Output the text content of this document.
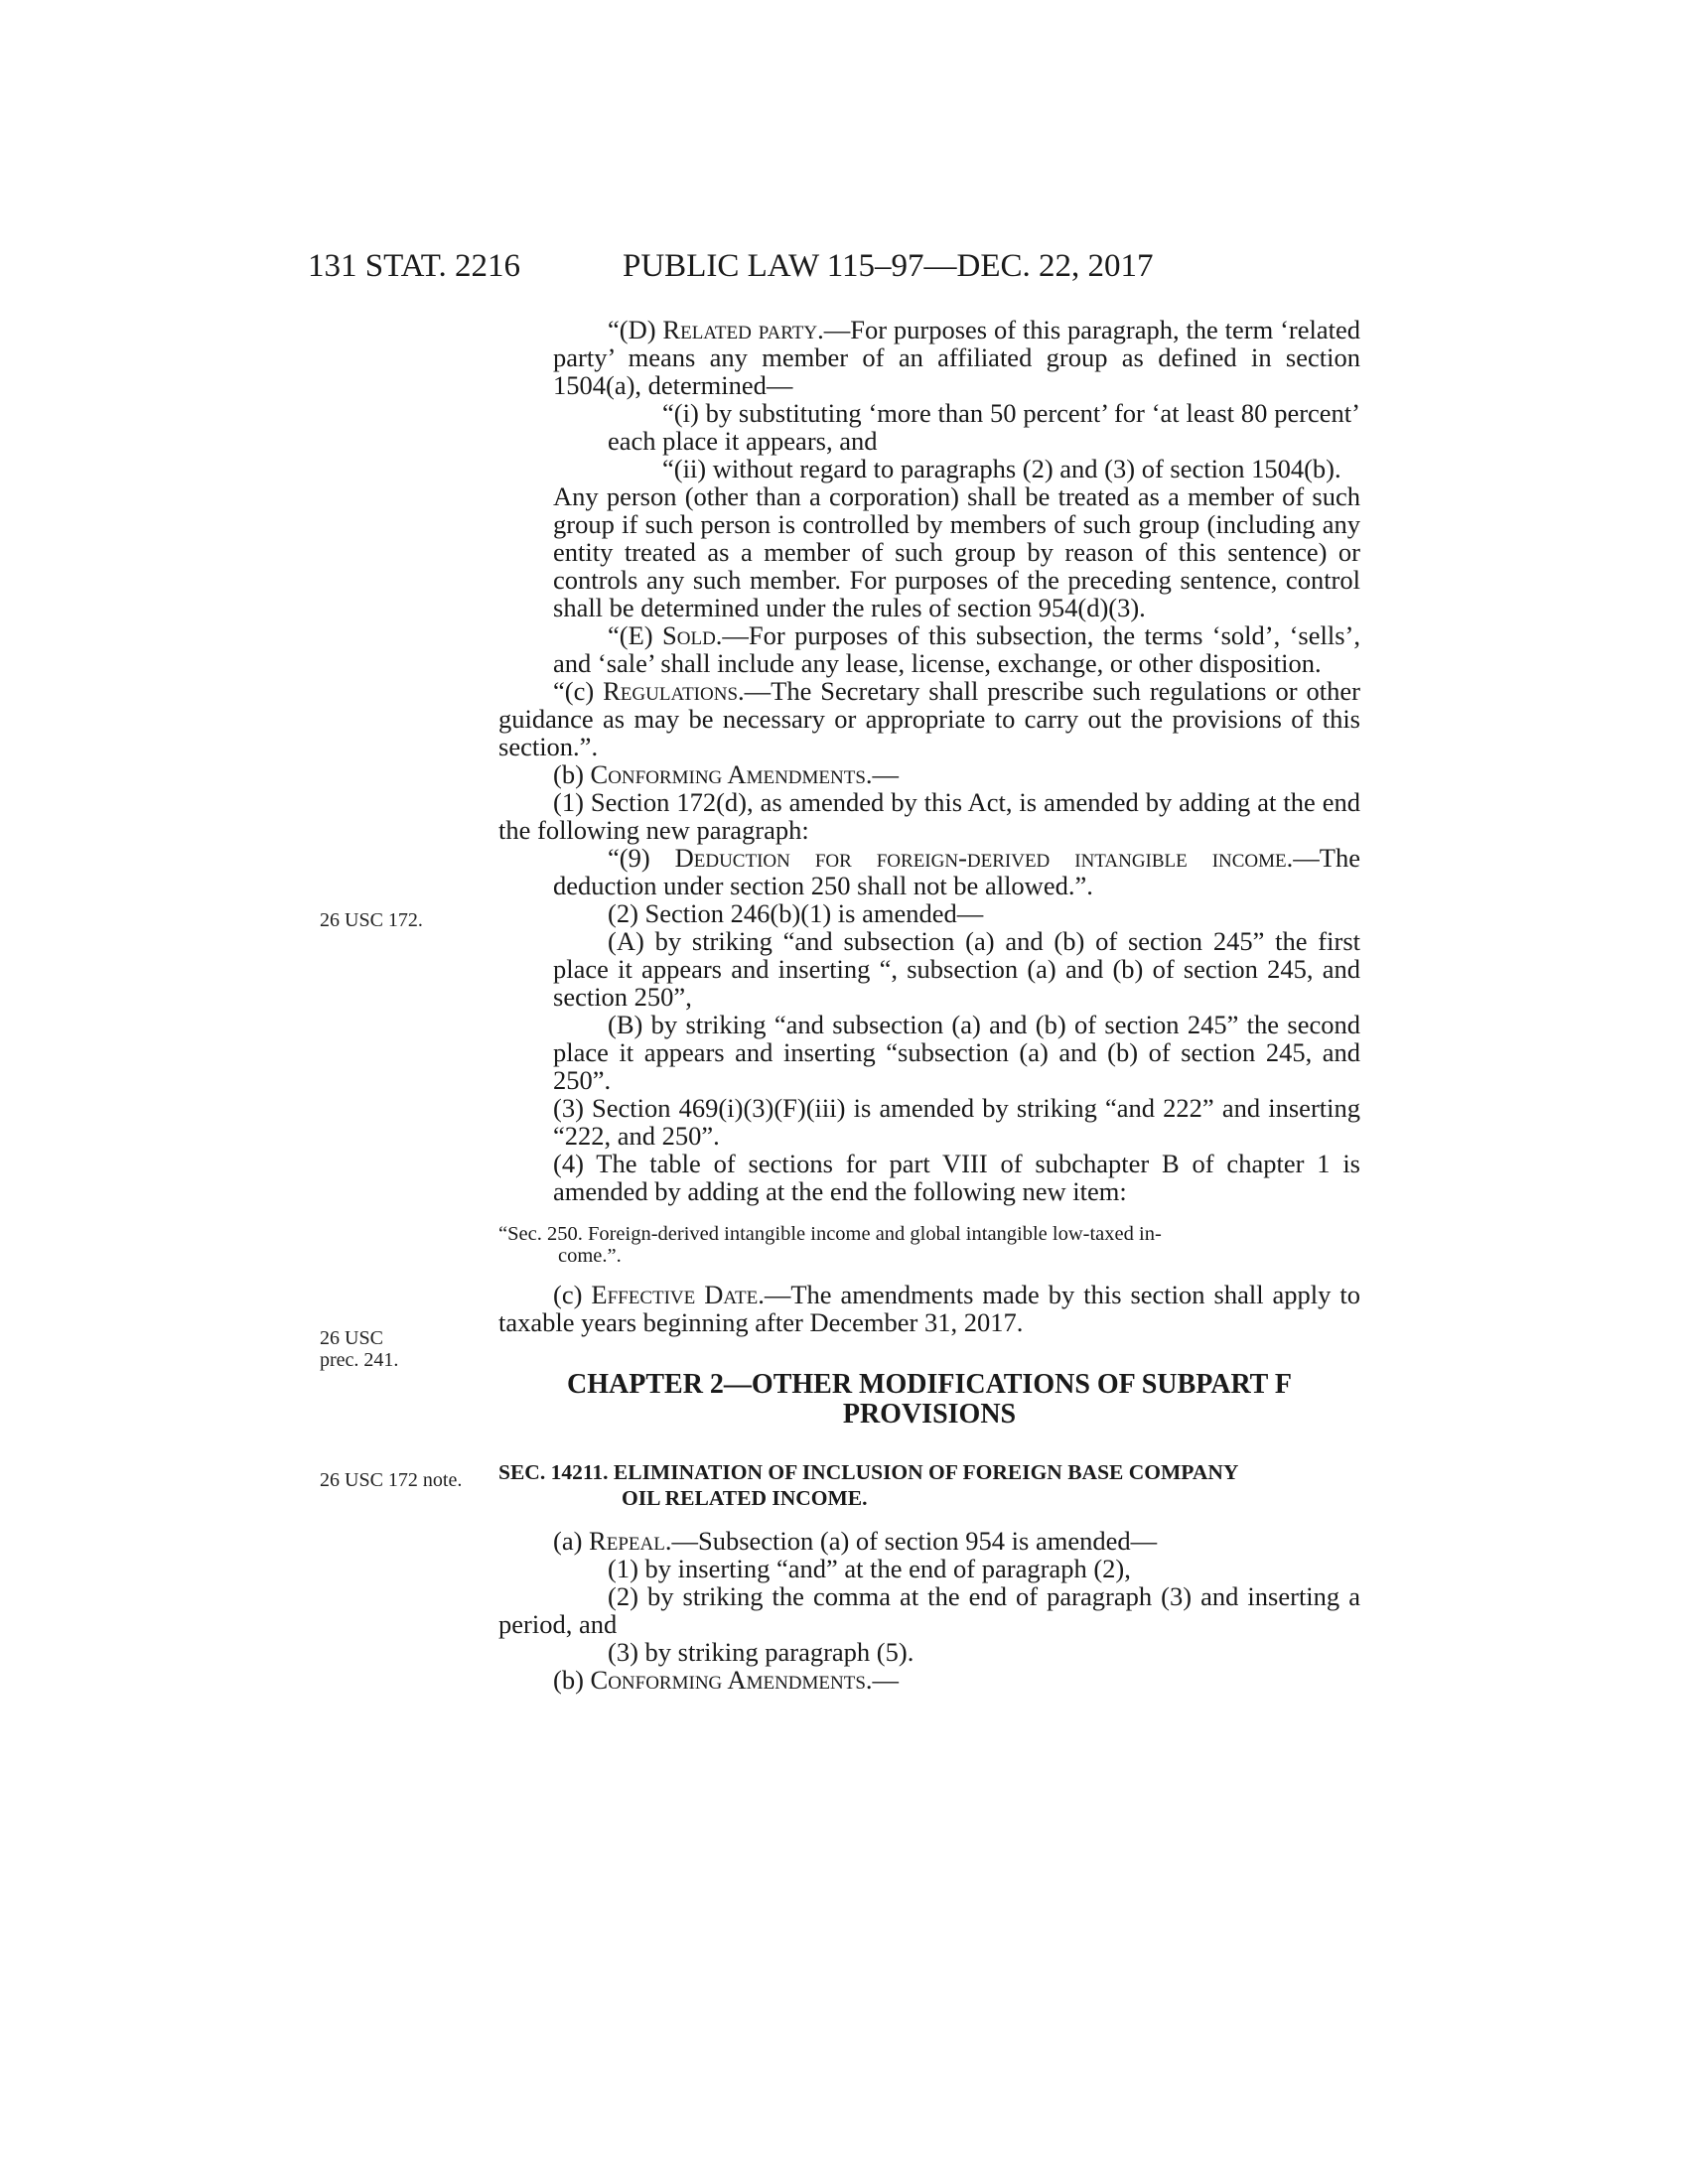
131 STAT. 2216	PUBLIC LAW 115–97—DEC. 22, 2017
26 USC 172.
26 USC
prec. 241.
26 USC 172 note.

“(D) Related party.—For purposes of this paragraph, the term ‘related party’ means any member of an affiliated group as defined in section 1504(a), determined—

“(i) by substituting ‘more than 50 percent’ for ‘at least 80 percent’ each place it appears, and

“(ii) without regard to paragraphs (2) and (3) of section 1504(b).

Any person (other than a corporation) shall be treated as a member of such group if such person is controlled by members of such group (including any entity treated as a member of such group by reason of this sentence) or controls any such member. For purposes of the preceding sentence, control shall be determined under the rules of section 954(d)(3).

“(E) Sold.—For purposes of this subsection, the terms ‘sold’, ‘sells’, and ‘sale’ shall include any lease, license, exchange, or other disposition.

“(c) Regulations.—The Secretary shall prescribe such regulations or other guidance as may be necessary or appropriate to carry out the provisions of this section.”.

(b) Conforming Amendments.—

(1) Section 172(d), as amended by this Act, is amended by adding at the end the following new paragraph:

“(9) Deduction for foreign-derived intangible income.—The deduction under section 250 shall not be allowed.”.

(2) Section 246(b)(1) is amended—

(A) by striking “and subsection (a) and (b) of section 245” the first place it appears and inserting “, subsection (a) and (b) of section 245, and section 250”,

(B) by striking “and subsection (a) and (b) of section 245” the second place it appears and inserting “subsection (a) and (b) of section 245, and 250”.

(3) Section 469(i)(3)(F)(iii) is amended by striking “and 222” and inserting “222, and 250”.

(4) The table of sections for part VIII of subchapter B of chapter 1 is amended by adding at the end the following new item:

“Sec. 250. Foreign-derived intangible income and global intangible low-taxed in-
come.”.

(c) Effective Date.—The amendments made by this section shall apply to taxable years beginning after December 31, 2017.

CHAPTER 2—OTHER MODIFICATIONS OF SUBPART F
PROVISIONS
SEC. 14211. ELIMINATION OF INCLUSION OF FOREIGN BASE COMPANY
OIL RELATED INCOME.

(a) Repeal.—Subsection (a) of section 954 is amended—

(1) by inserting “and” at the end of paragraph (2),

(2) by striking the comma at the end of paragraph (3) and inserting a period, and

(3) by striking paragraph (5).

(b) Conforming Amendments.—
